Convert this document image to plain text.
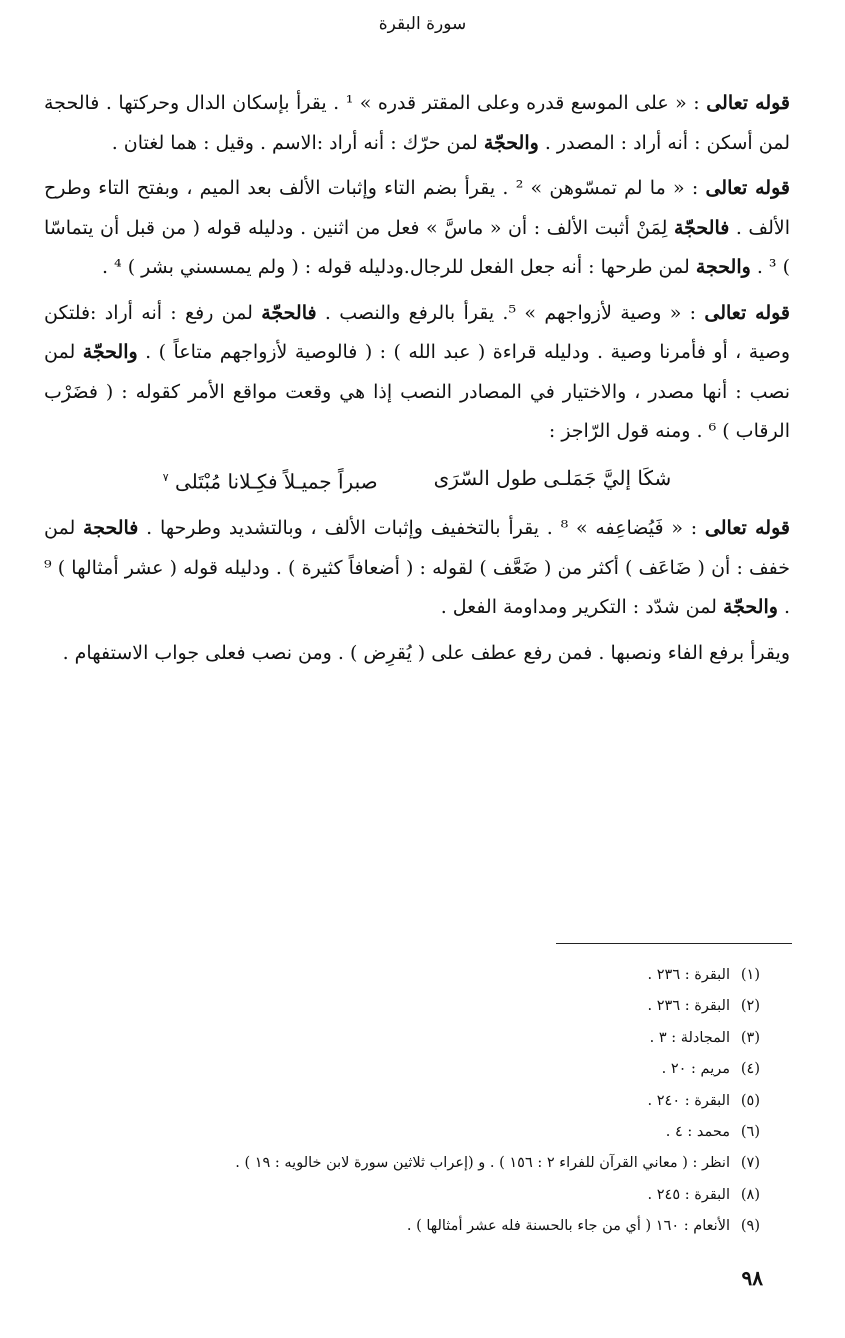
سورة البقرة

قوله تعالى : « على الموسع قدره وعلى المقتر قدره » ¹ . يقرأ بإسكان الدال وحركتها . فالحجة لمن أسكن : أنه أراد : المصدر . والحجّة لمن حرّك : أنه أراد :الاسم . وقيل : هما لغتان .

قوله تعالى : « ما لم تمسّوهن » ² . يقرأ بضم التاء وإثبات الألف بعد الميم ، وبفتح التاء وطرح الألف . فالحجّة لِمَنْ أثبت الألف : أن « ماسَّ » فعل من اثنين . ودليله قوله ( من قبل أن يتماسّا ) ³ . والحجة لمن طرحها : أنه جعل الفعل للرجال.ودليله قوله : ( ولم يمسسني بشر ) ⁴ .

قوله تعالى : « وصية لأزواجهم » ⁵. يقرأ بالرفع والنصب . فالحجّة لمن رفع : أنه أراد :فلتكن وصية ، أو فأمرنا وصية . ودليله قراءة ( عبد الله ) : ( فالوصية لأزواجهم متاعاً ) . والحجّة لمن نصب : أنها مصدر ، والاختيار في المصادر النصب إذا هي وقعت مواقع الأمر كقوله : ( فضَرْب الرقاب ) ⁶ . ومنه قول الرّاجز :

شكَا إليَّ جَمَلـى طول السّرَى
صبراً جميـلاً فكِـلانا مُبْتَلى $^٧$

قوله تعالى : « فَيُضاعِفه » ⁸ . يقرأ بالتخفيف وإثبات الألف ، وبالتشديد وطرحها . فالحجة لمن خفف : أن ( ضَاعَف ) أكثر من ( ضَعَّف ) لقوله : ( أضعافاً كثيرة ) . ودليله قوله ( عشر أمثالها ) ⁹ . والحجّة لمن شدّد : التكرير ومداومة الفعل .

ويقرأ برفع الفاء ونصبها . فمن رفع عطف على ( يُقرِض ) . ومن نصب فعلى جواب الاستفهام .

(١)البقرة : ٢٣٦ .
(٢)البقرة : ٢٣٦ .
(٣)المجادلة : ٣ .
(٤)مريم : ٢٠ .
(٥)البقرة : ٢٤٠ .
(٦)محمد : ٤ .
(٧)انظر : ( معاني القرآن للفراء ٢ : ١٥٦ ) . و (إعراب ثلاثين سورة لابن خالويه : ١٩ ) .
(٨)البقرة : ٢٤٥ .
(٩)الأنعام : ١٦٠ ( أي من جاء بالحسنة فله عشر أمثالها ) .
٩٨
